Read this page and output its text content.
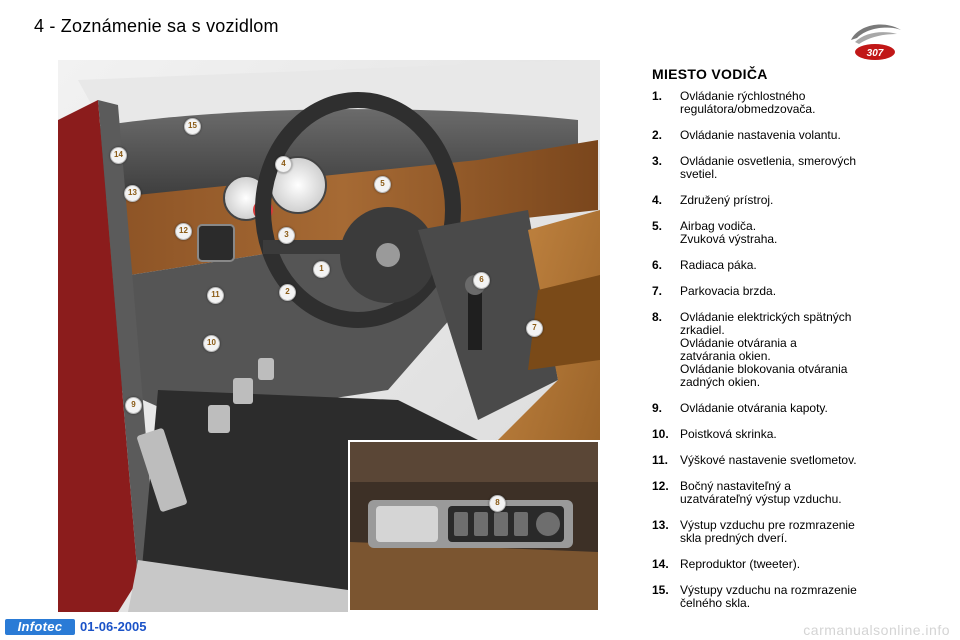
4 - Zoznámenie sa s vozidlom
307
15
14
13
12
11
10
9
4
5
3
1
2
6
7
8
MIESTO VODIČA
1. Ovládanie rýchlostného
regulátora/obmedzovača.
2. Ovládanie nastavenia volantu.
3. Ovládanie osvetlenia, smerových
svetiel.
4. Združený prístroj.
5. Airbag vodiča.
Zvuková výstraha.
6. Radiaca páka.
7. Parkovacia brzda.
8. Ovládanie elektrických spätných
zrkadiel.
Ovládanie otvárania a
zatvárania okien.
Ovládanie blokovania otvárania
zadných okien.
9. Ovládanie otvárania kapoty.
10. Poistková skrinka.
11. Výškové nastavenie svetlometov.
12. Bočný nastaviteľný a
uzatvárateľný výstup vzduchu.
13. Výstup vzduchu pre rozmrazenie
skla predných dverí.
14. Reproduktor (tweeter).
15. Výstupy vzduchu na rozmrazenie
čelného skla.
Infotec	01-06-2005	carmanualsonline.info
